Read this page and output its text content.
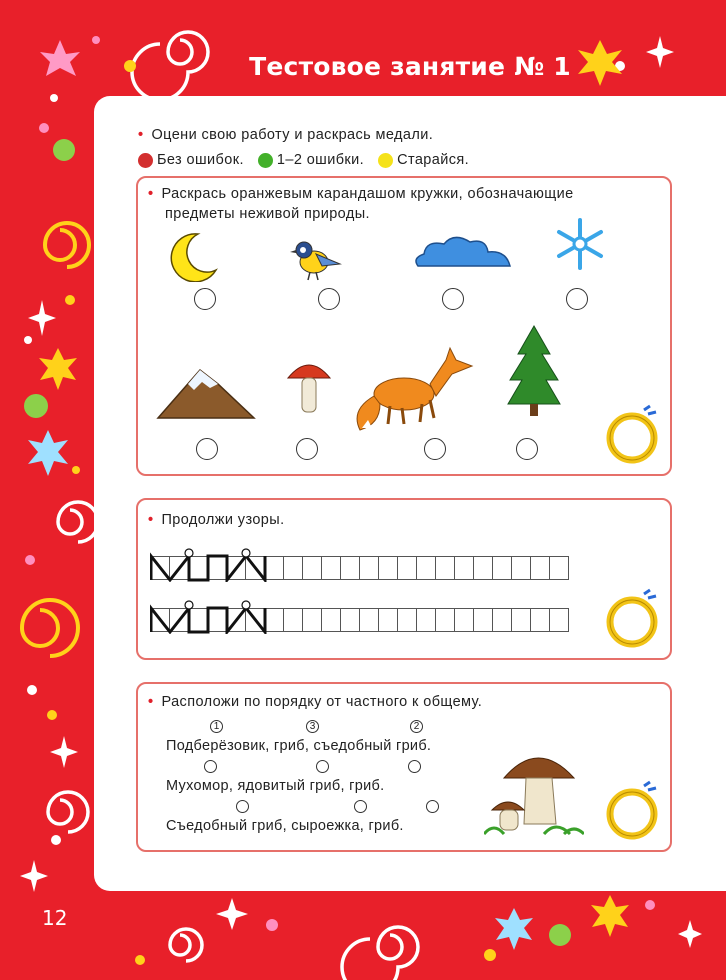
Тестовое занятие № 1
• Оцени свою работу и раскрась медали.
Без ошибок. 1–2 ошибки. Старайся.
• Раскрась оранжевым карандашом кружки, обозначающие
предметы неживой природы.
• Продолжи узоры.
• Расположи по порядку от частного к общему.
1	3	2
Подберёзовик, гриб, съедобный гриб.
Мухомор, ядовитый гриб, гриб.
Съедобный гриб, сыроежка, гриб.
12
